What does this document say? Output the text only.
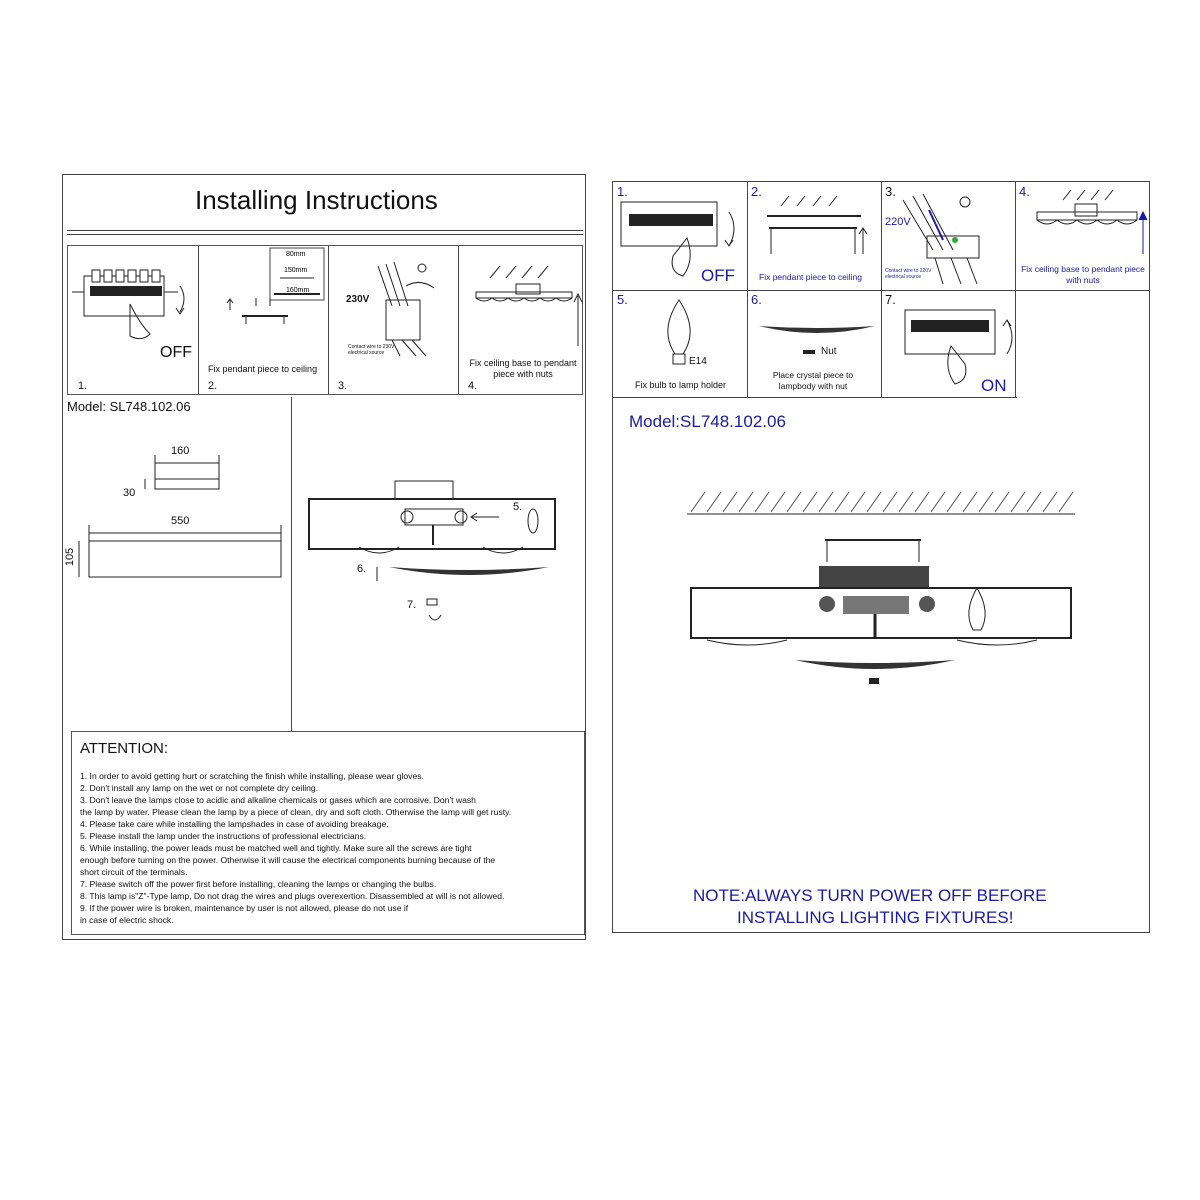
Installing Instructions
OFF
1.
80mm
150mm
160mm
Fix pendant piece to ceiling
2.
230V
Contact wire to 230V electrical source
3.
Fix ceiling base to pendant piece with nuts
4.
Model: SL748.102.06
160
30
550
105
5.
6.
7.
ATTENTION:
1. In order to avoid getting hurt or scratching the finish while installing, please wear gloves.
2. Don't install any lamp on the wet or not complete dry ceiling.
3. Don't leave the lamps close to acidic and alkaline chemicals or gases which are corrosive. Don't wash
the lamp by water. Please clean the lamp by a piece of clean, dry and soft cloth. Otherwise the lamp will get rusty.
4. Please take care while installing the lampshades in case of avoiding breakage.
5. Please install the lamp under the instructions of professional electricians.
6. While installing, the power leads must be matched well and tightly. Make sure all the screws are tight
enough before turning on the power. Otherwise it will cause the electrical components burning because of the
short circuit of the terminals.
7. Please switch off the power first before installing, cleaning the lamps or changing the bulbs.
8. This lamp is"Z"-Type lamp, Do not drag the wires and plugs overexertion. Disassembled at will is not allowed.
9. If the power wire is broken, maintenance by user is not allowed, please do not use if
in case of electric shock.
1.
OFF
2.
Fix pendant piece to ceiling
3.
220V
Contact wire to 220V electrical source
4.
Fix ceiling base to pendant piece with nuts
5.
E14
Fix bulb to lamp holder
6.
Nut
Place crystal piece to lampbody with nut
7.
ON
Model:SL748.102.06
NOTE:ALWAYS TURN POWER OFF BEFORE
INSTALLING LIGHTING FIXTURES!
